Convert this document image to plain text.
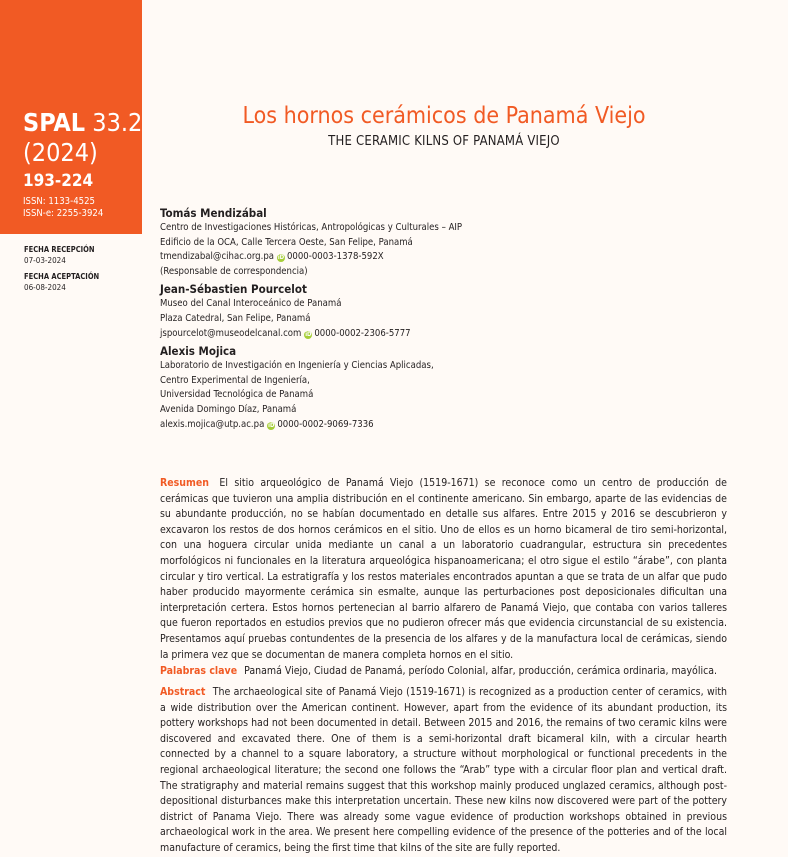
SPAL 33.2
(2024)
193-224
ISSN: 1133-4525
ISSN-e: 2255-3924
FECHA RECEPCIÓN
07-03-2024
FECHA ACEPTACIÓN
06-08-2024
Los hornos cerámicos de Panamá Viejo
THE CERAMIC KILNS OF PANAMÁ VIEJO
Tomás Mendizábal
Centro de Investigaciones Históricas, Antropológicas y Culturales – AIP
Edificio de la OCA, Calle Tercera Oeste, San Felipe, Panamá
tmendizabal@cihac.org.pa iD 0000-0003-1378-592X
(Responsable de correspondencia)
Jean-Sébastien Pourcelot
Museo del Canal Interoceánico de Panamá
Plaza Catedral, San Felipe, Panamá
jspourcelot@museodelcanal.com iD 0000-0002-2306-5777
Alexis Mojica
Laboratorio de Investigación en Ingeniería y Ciencias Aplicadas,
Centro Experimental de Ingeniería,
Universidad Tecnológica de Panamá
Avenida Domingo Díaz, Panamá
alexis.mojica@utp.ac.pa iD 0000-0002-9069-7336
Resumen El sitio arqueológico de Panamá Viejo (1519-1671) se reconoce como un centro de producción de cerámicas que tuvieron una amplia distribución en el continente americano. Sin embargo, aparte de las evidencias de su abundante producción, no se habían documentado en detalle sus alfares. Entre 2015 y 2016 se descubrieron y excavaron los restos de dos hornos cerámicos en el sitio. Uno de ellos es un horno bicameral de tiro semi-horizontal, con una hoguera circular unida mediante un canal a un laboratorio cuadrangular, estructura sin precedentes morfológicos ni funcionales en la literatura arqueológica hispanoamericana; el otro sigue el estilo “árabe”, con planta circular y tiro vertical. La estratigrafía y los restos materiales encontrados apuntan a que se trata de un alfar que pudo haber producido mayormente cerámica sin esmalte, aunque las perturbaciones post deposicionales dificultan una interpretación certera. Estos hornos pertenecian al barrio alfarero de Panamá Viejo, que contaba con varios talleres que fueron reportados en estudios previos que no pudieron ofrecer más que evidencia circunstancial de su existencia. Presentamos aquí pruebas contundentes de la presencia de los alfares y de la manufactura local de cerámicas, siendo la primera vez que se documentan de manera completa hornos en el sitio.
Palabras clave Panamá Viejo, Ciudad de Panamá, período Colonial, alfar, producción, cerámica ordinaria, mayólica.
Abstract The archaeological site of Panamá Viejo (1519-1671) is recognized as a production center of ceramics, with a wide distribution over the American continent. However, apart from the evidence of its abundant production, its pottery workshops had not been documented in detail. Between 2015 and 2016, the remains of two ceramic kilns were discovered and excavated there. One of them is a semi-horizontal draft bicameral kiln, with a circular hearth connected by a channel to a square laboratory, a structure without morphological or functional precedents in the regional archaeological literature; the second one follows the “Arab” type with a circular floor plan and vertical draft. The stratigraphy and material remains suggest that this workshop mainly produced unglazed ceramics, although post-depositional disturbances make this interpretation uncertain. These new kilns now discovered were part of the pottery district of Panama Viejo. There was already some vague evidence of production workshops obtained in previous archaeological work in the area. We present here compelling evidence of the presence of the potteries and of the local manufacture of ceramics, being the first time that kilns of the site are fully reported.
